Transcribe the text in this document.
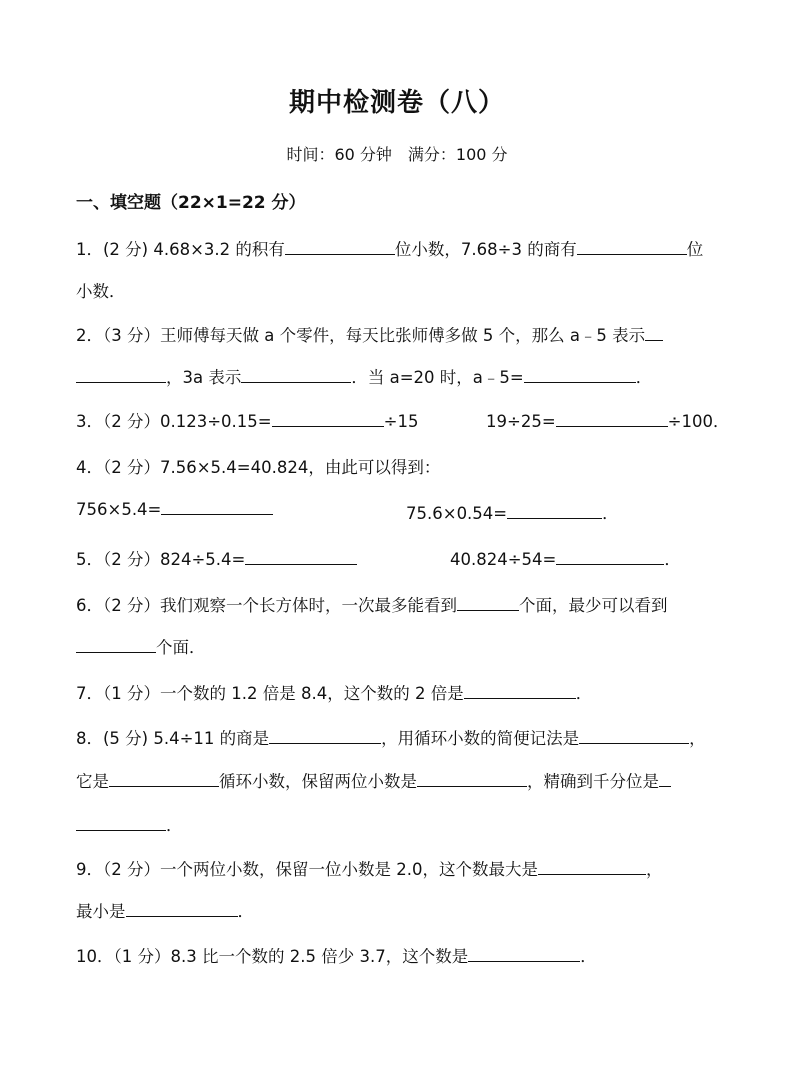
期中检测卷（八）
时间：60 分钟　满分：100 分
一、填空题（22×1=22 分）
1．(2 分) 4.68×3.2 的积有	位小数，7.68÷3 的商有	位
小数．
2．（3 分）王师傅每天做 a 个零件，每天比张师傅多做 5 个，那么 a﹣5 表示
，3a 表示	．当 a=20 时，a﹣5=	．
3．（2 分）0.123÷0.15=	÷15	19÷25=	÷100．
4．（2 分）7.56×5.4=40.824，由此可以得到：
756×5.4=	75.6×0.54=	．
5．（2 分）824÷5.4=	40.824÷54=	．
6．（2 分）我们观察一个长方体时，一次最多能看到	个面，最少可以看到
个面．
7．（1 分）一个数的 1.2 倍是 8.4，这个数的 2 倍是	．
8．(5 分) 5.4÷11 的商是	，用循环小数的简便记法是	，
它是	循环小数，保留两位小数是	，精确到千分位是
．
9．（2 分）一个两位小数，保留一位小数是 2.0，这个数最大是	，
最小是	．
10．（1 分）8.3 比一个数的 2.5 倍少 3.7，这个数是	．
